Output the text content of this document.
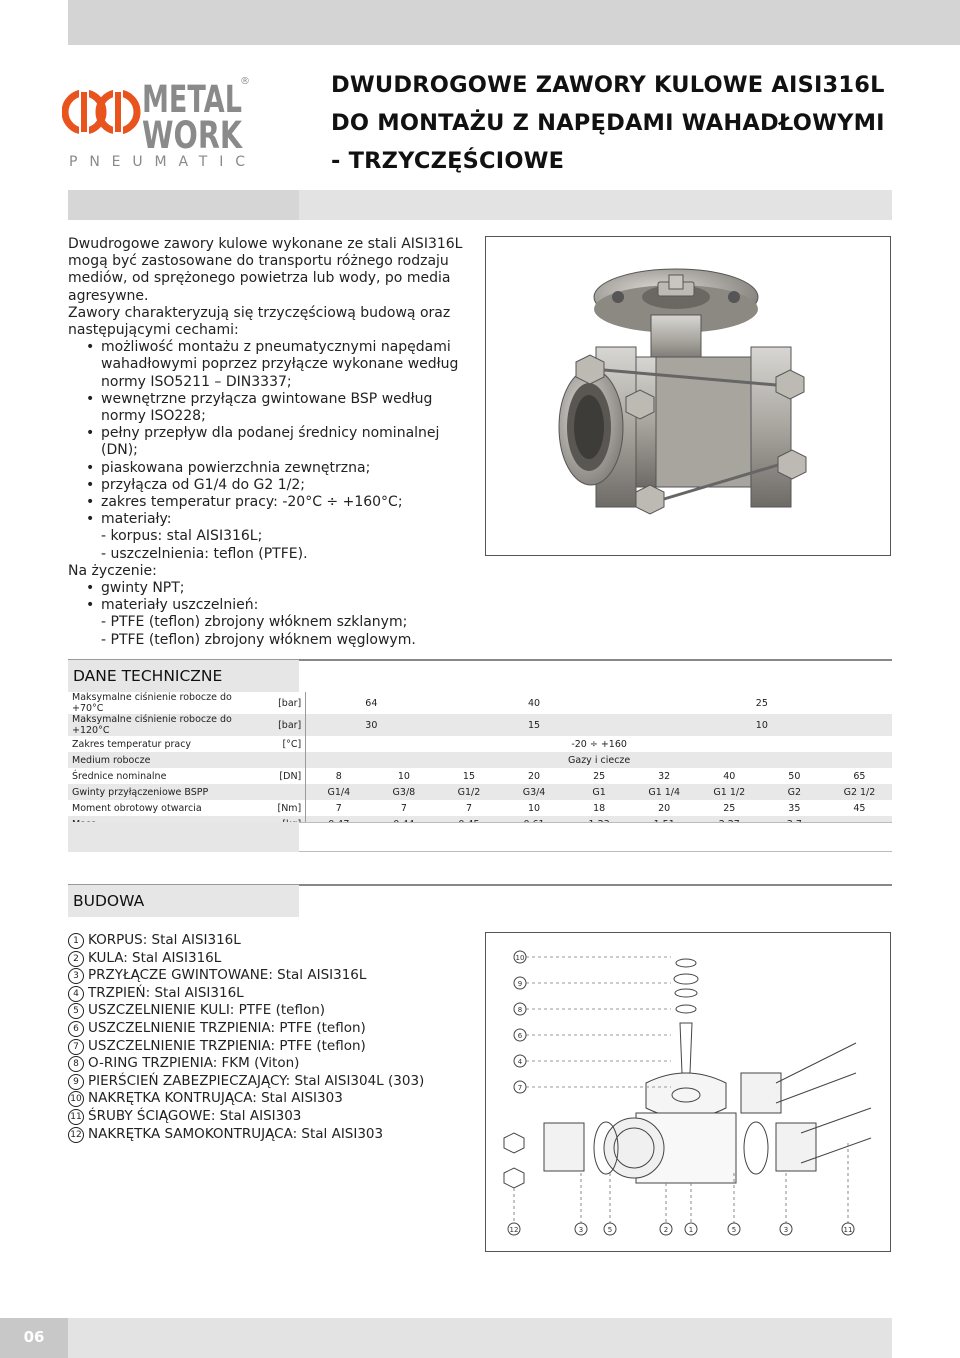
METAL
WORK
®
PNEUMATIC
DWUDROGOWE ZAWORY KULOWE AISI316L
DO MONTAŻU Z NAPĘDAMI WAHADŁOWYMI
- TRZYCZĘŚCIOWE

Dwudrogowe zawory kulowe wykonane ze stali AISI316L mogą być zastosowane do transportu różnego rodzaju mediów, od sprężonego powietrza lub wody, po media agresywne.

Zawory charakteryzują się trzyczęściową budową oraz następującymi cechami:

• możliwość montażu z pneumatycznymi napędami wahadłowymi poprzez przyłącze wykonane według normy ISO5211 – DIN3337;
• wewnętrzne przyłącza gwintowane BSP według normy ISO228;
• pełny przepływ dla podanej średnicy nominalnej (DN);
• piaskowana powierzchnia zewnętrzna;
• przyłącza od G1/4 do G2 1/2;
• zakres temperatur pracy: -20°C ÷ +160°C;
• materiały:
- korpus: stal AISI316L;
- uszczelnienia: teflon (PTFE).

Na życzenie:

• gwinty NPT;
• materiały uszczelnień:
- PTFE (teflon) zbrojony włóknem szklanym;
- PTFE (teflon) zbrojony włóknem węglowym.
DANE TECHNICZNE
Maksymalne ciśnienie robocze do +70°C	[bar]	64		40			25			
Maksymalne ciśnienie robocze do +120°C	[bar]	30		15			10			
Zakres temperatur pracy	[°C]	-20 ÷ +160								
Medium robocze		Gazy i ciecze								
Średnice nominalne	[DN]	8	10	15	20	25	32	40	50	65
Gwinty przyłączeniowe BSPP		G1/4	G3/8	G1/2	G3/4	G1	G1 1/4	G1 1/2	G2	G2 1/2
Moment obrotowy otwarcia	[Nm]	7	7	7	10	18	20	25	35	45

BUDOWA
1 KORPUS: Stal AISI316L
2 KULA: Stal AISI316L
3 PRZYŁĄCZE GWINTOWANE: Stal AISI316L
4 TRZPIEŃ: Stal AISI316L
5 USZCZELNIENIE KULI: PTFE (teflon)
6 USZCZELNIENIE TRZPIENIA: PTFE (teflon)
7 USZCZELNIENIE TRZPIENIA: PTFE (teflon)
8 O-RING TRZPIENIA: FKM (Viton)
9 PIERŚCIEŃ ZABEZPIECZAJĄCY: Stal AISI304L (303)
10 NAKRĘTKA KONTRUJĄCA: Stal AISI303
11 ŚRUBY ŚCIĄGOWE: Stal AISI303
12 NAKRĘTKA SAMOKONTRUJĄCA: Stal AISI303
10
9
8
6
4
7
12	3	5	2	1	5	3	11
06
